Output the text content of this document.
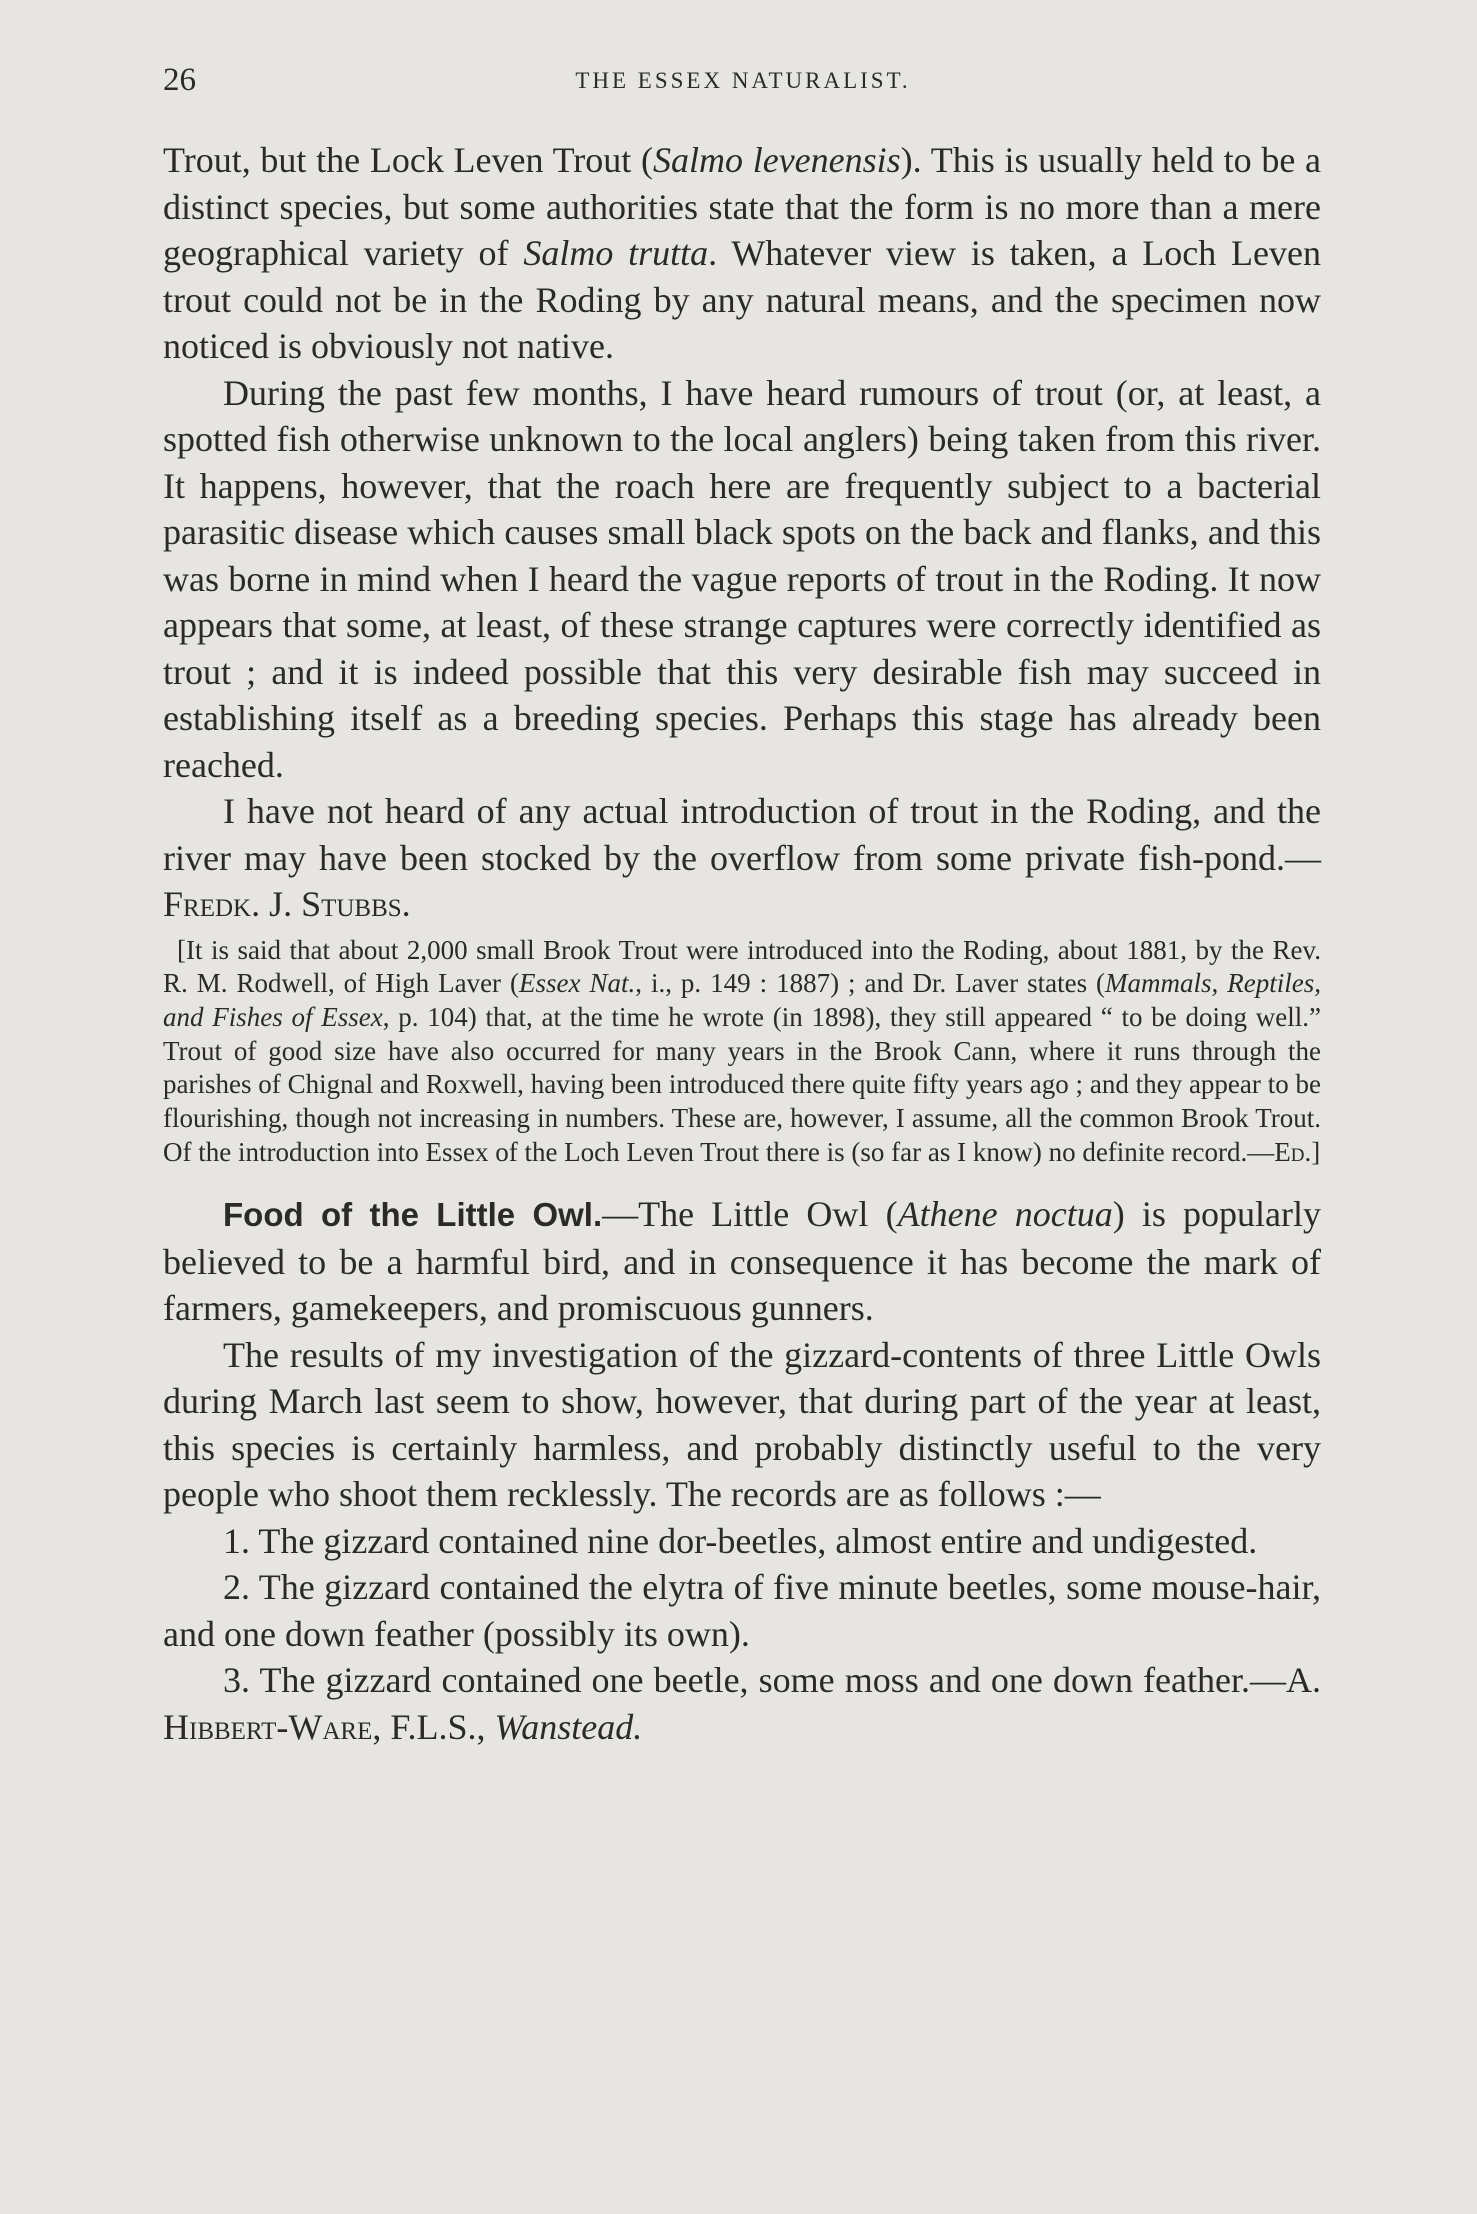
26	THE ESSEX NATURALIST.

Trout, but the Lock Leven Trout (Salmo levenensis). This is usually held to be a distinct species, but some authorities state that the form is no more than a mere geographical variety of Salmo trutta. Whatever view is taken, a Loch Leven trout could not be in the Roding by any natural means, and the specimen now noticed is obviously not native.

During the past few months, I have heard rumours of trout (or, at least, a spotted fish otherwise unknown to the local anglers) being taken from this river. It happens, however, that the roach here are frequently subject to a bacterial parasitic disease which causes small black spots on the back and flanks, and this was borne in mind when I heard the vague reports of trout in the Roding. It now appears that some, at least, of these strange captures were correctly identified as trout ; and it is indeed possible that this very desirable fish may succeed in establishing itself as a breeding species. Perhaps this stage has already been reached.

I have not heard of any actual introduction of trout in the Roding, and the river may have been stocked by the overflow from some private fish-pond.—Fredk. J. Stubbs.

[It is said that about 2,000 small Brook Trout were introduced into the Roding, about 1881, by the Rev. R. M. Rodwell, of High Laver (Essex Nat., i., p. 149 : 1887) ; and Dr. Laver states (Mammals, Reptiles, and Fishes of Essex, p. 104) that, at the time he wrote (in 1898), they still appeared “ to be doing well.” Trout of good size have also occurred for many years in the Brook Cann, where it runs through the parishes of Chignal and Roxwell, having been introduced there quite fifty years ago ; and they appear to be flourishing, though not increasing in numbers. These are, however, I assume, all the common Brook Trout. Of the introduction into Essex of the Loch Leven Trout there is (so far as I know) no definite record.—Ed.]

Food of the Little Owl.—The Little Owl (Athene noctua) is popularly believed to be a harmful bird, and in consequence it has become the mark of farmers, gamekeepers, and promiscuous gunners.

The results of my investigation of the gizzard-contents of three Little Owls during March last seem to show, however, that during part of the year at least, this species is certainly harmless, and probably distinctly useful to the very people who shoot them recklessly. The records are as follows :—

1. The gizzard contained nine dor-beetles, almost entire and undigested.

2. The gizzard contained the elytra of five minute beetles, some mouse-hair, and one down feather (possibly its own).

3. The gizzard contained one beetle, some moss and one down feather.—A. Hibbert-Ware, F.L.S., Wanstead.
